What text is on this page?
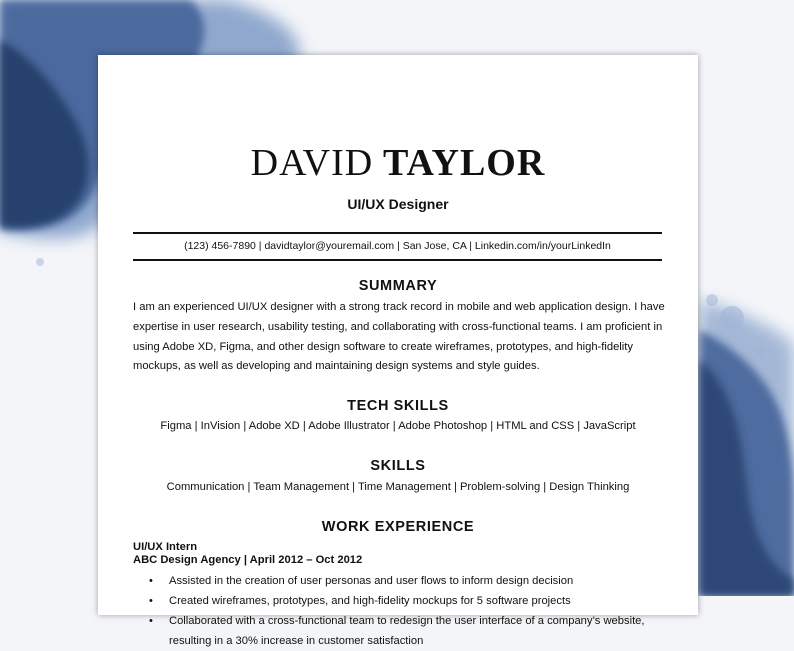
DAVID TAYLOR
UI/UX Designer
(123) 456-7890 | davidtaylor@youremail.com | San Jose, CA | Linkedin.com/in/yourLinkedIn
SUMMARY

I am an experienced UI/UX designer with a strong track record in mobile and web application design. I have expertise in user research, usability testing, and collaborating with cross-functional teams. I am proficient in using Adobe XD, Figma, and other design software to create wireframes, prototypes, and high-fidelity mockups, as well as developing and maintaining design systems and style guides.

TECH SKILLS
Figma | InVision | Adobe XD | Adobe Illustrator | Adobe Photoshop | HTML and CSS | JavaScript
SKILLS
Communication | Team Management | Time Management | Problem-solving | Design Thinking
WORK EXPERIENCE
UI/UX Intern
ABC Design Agency | April 2012 – Oct 2012
• Assisted in the creation of user personas and user flows to inform design decision
• Created wireframes, prototypes, and high-fidelity mockups for 5 software projects
• Collaborated with a cross-functional team to redesign the user interface of a company’s website, resulting in a 30% increase in customer satisfaction
